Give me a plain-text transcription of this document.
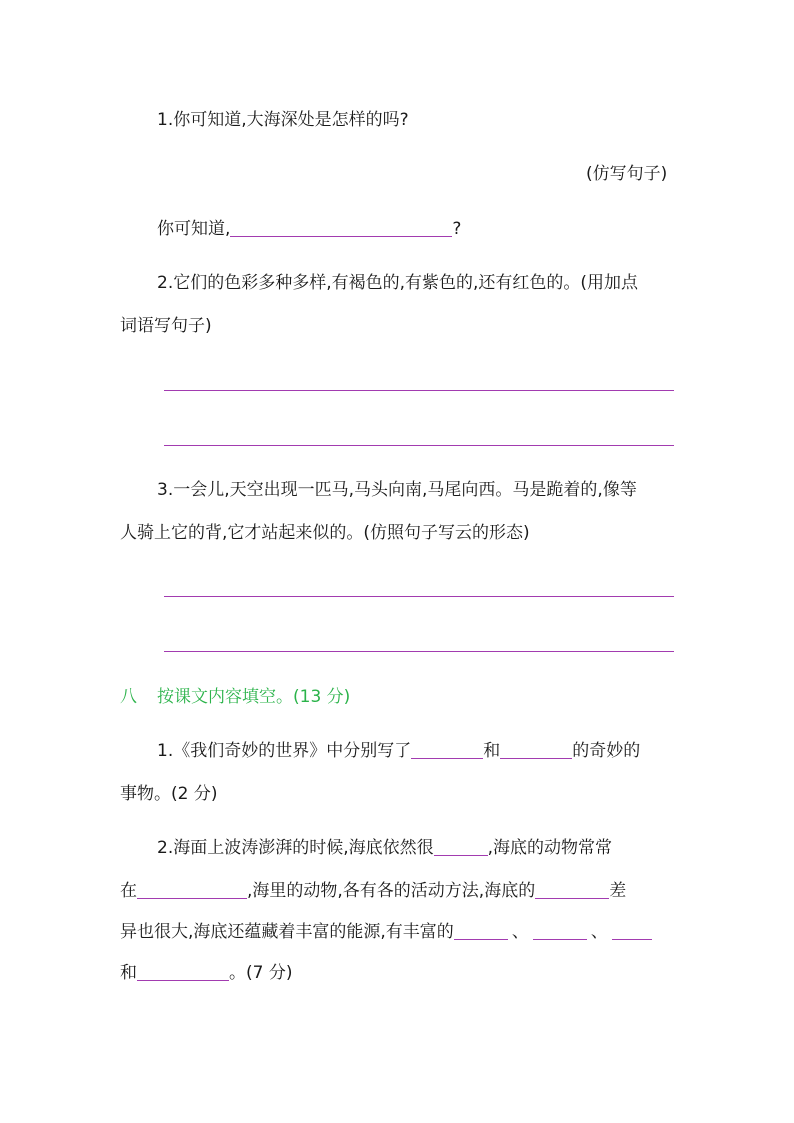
1.你可知道,大海深处是怎样的吗?
(仿写句子)
你可知道,	?
2.它们的色彩多种多样,有褐色的,有紫色的,还有红色的。(用加点
词语写句子)
3.一会儿,天空出现一匹马,马头向南,马尾向西。马是跪着的,像等
人骑上它的背,它才站起来似的。(仿照句子写云的形态)
八 按课文内容填空。(13 分)
1.《我们奇妙的世界》中分别写了	和	的奇妙的
事物。(2 分)
2.海面上波涛澎湃的时候,海底依然很	,海底的动物常常
在	,海里的动物,各有各的活动方法,海底的	差
异也很大,海底还蕴藏着丰富的能源,有丰富的	、	、
和	。(7 分)
